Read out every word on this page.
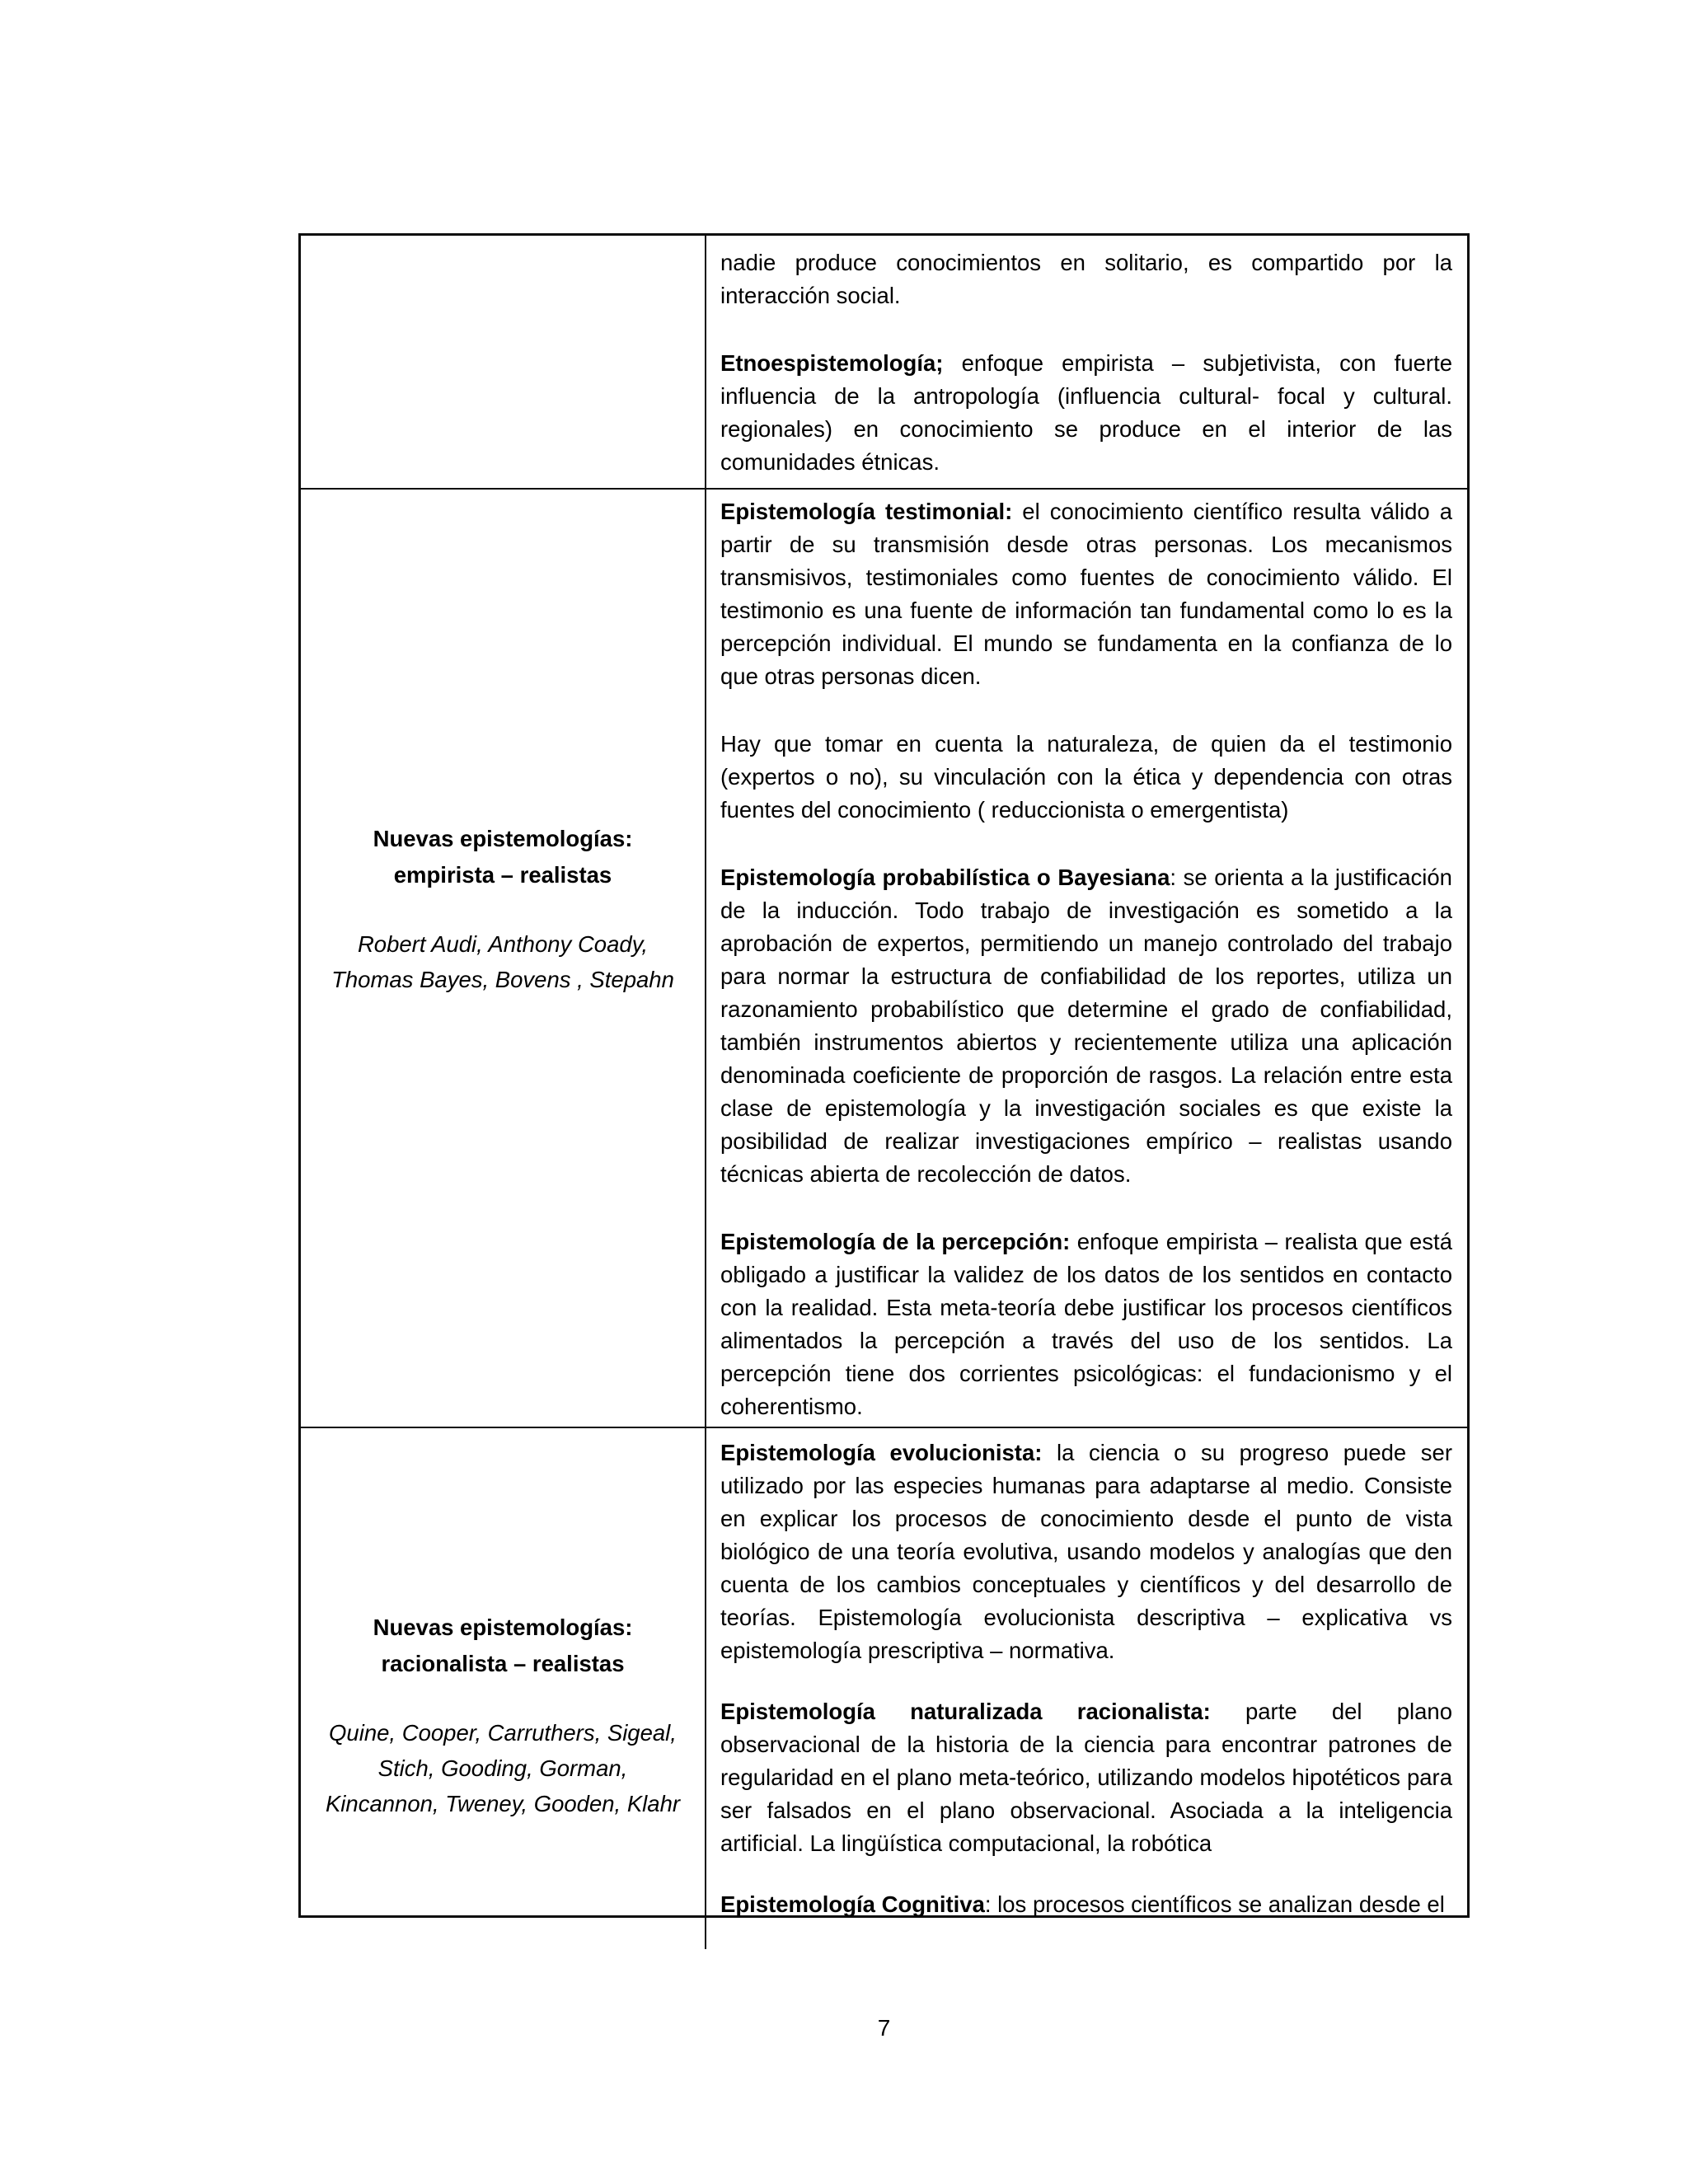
nadie produce conocimientos en solitario, es compartido por la interacción social.

Etnoespistemología; enfoque empirista – subjetivista, con fuerte influencia de la antropología (influencia cultural- focal y cultural. regionales) en conocimiento se produce en el interior de las comunidades étnicas.

Nuevas epistemologías: empirista – realistas
Robert Audi, Anthony Coady, Thomas Bayes, Bovens , Stepahn

Epistemología testimonial: el conocimiento científico resulta válido a partir de su transmisión desde otras personas. Los mecanismos transmisivos, testimoniales como fuentes de conocimiento válido. El testimonio es una fuente de información tan fundamental como lo es la percepción individual. El mundo se fundamenta en la confianza de lo que otras personas dicen.

Hay que tomar en cuenta la naturaleza, de quien da el testimonio (expertos o no), su vinculación con la ética y dependencia con otras fuentes del conocimiento ( reduccionista o emergentista)

Epistemología probabilística o Bayesiana: se orienta a la justificación de la inducción. Todo trabajo de investigación es sometido a la aprobación de expertos, permitiendo un manejo controlado del trabajo para normar la estructura de confiabilidad de los reportes, utiliza un razonamiento probabilístico que determine el grado de confiabilidad, también instrumentos abiertos y recientemente utiliza una aplicación denominada coeficiente de proporción de rasgos. La relación entre esta clase de epistemología y la investigación sociales es que existe la posibilidad de realizar investigaciones empírico – realistas usando técnicas abierta de recolección de datos.

Epistemología de la percepción: enfoque empirista – realista que está obligado a justificar la validez de los datos de los sentidos en contacto con la realidad. Esta meta-teoría debe justificar los procesos científicos alimentados la percepción a través del uso de los sentidos. La percepción tiene dos corrientes psicológicas: el fundacionismo y el coherentismo.

Nuevas epistemologías: racionalista – realistas
Quine, Cooper, Carruthers, Sigeal, Stich, Gooding, Gorman, Kincannon, Tweney, Gooden, Klahr

Epistemología evolucionista: la ciencia o su progreso puede ser utilizado por las especies humanas para adaptarse al medio. Consiste en explicar los procesos de conocimiento desde el punto de vista biológico de una teoría evolutiva, usando modelos y analogías que den cuenta de los cambios conceptuales y científicos y del desarrollo de teorías. Epistemología evolucionista descriptiva – explicativa vs epistemología prescriptiva – normativa.

Epistemología naturalizada racionalista: parte del plano observacional de la historia de la ciencia para encontrar patrones de regularidad en el plano meta-teórico, utilizando modelos hipotéticos para ser falsados en el plano observacional. Asociada a la inteligencia artificial. La lingüística computacional, la robótica

Epistemología Cognitiva: los procesos científicos se analizan desde el

7
